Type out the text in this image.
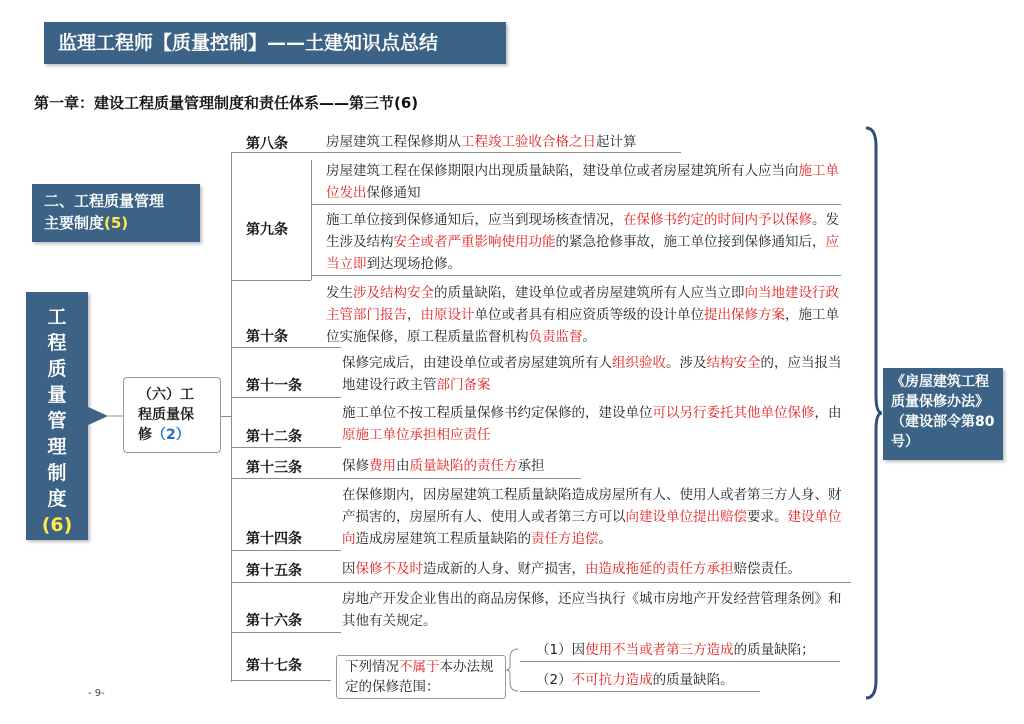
监理工程师【质量控制】——土建知识点总结
第一章：建设工程质量管理制度和责任体系——第三节(6)
二、工程质量管理
主要制度(5)
工
程
质
量
管
理
制
度
(6)
（六）工
程质量保
修（2）
第八条
第九条
第十条
第十一条
第十二条
第十三条
第十四条
第十五条
第十六条
第十七条
房屋建筑工程保修期从工程竣工验收合格之日起计算
房屋建筑工程在保修期限内出现质量缺陷，建设单位或者房屋建筑所有人应当向施工单位发出保修通知
施工单位接到保修通知后，应当到现场核查情况，在保修书约定的时间内予以保修。发生涉及结构安全或者严重影响使用功能的紧急抢修事故，施工单位接到保修通知后，应当立即到达现场抢修。
发生涉及结构安全的质量缺陷，建设单位或者房屋建筑所有人应当立即向当地建设行政主管部门报告，由原设计单位或者具有相应资质等级的设计单位提出保修方案，施工单位实施保修，原工程质量监督机构负责监督。
保修完成后，由建设单位或者房屋建筑所有人组织验收。涉及结构安全的，应当报当地建设行政主管部门备案
施工单位不按工程质量保修书约定保修的，建设单位可以另行委托其他单位保修，由原施工单位承担相应责任
保修费用由质量缺陷的责任方承担
在保修期内，因房屋建筑工程质量缺陷造成房屋所有人、使用人或者第三方人身、财产损害的，房屋所有人、使用人或者第三方可以向建设单位提出赔偿要求。建设单位向造成房屋建筑工程质量缺陷的责任方追偿。
因保修不及时造成新的人身、财产损害，由造成拖延的责任方承担赔偿责任。
房地产开发企业售出的商品房保修，还应当执行《城市房地产开发经营管理条例》和其他有关规定。
下列情况不属于本办法规定的保修范围：
（1）因使用不当或者第三方造成的质量缺陷；
（2）不可抗力造成的质量缺陷。
《房屋建筑工程质量保修办法》（建设部令第80号）
- 9-
